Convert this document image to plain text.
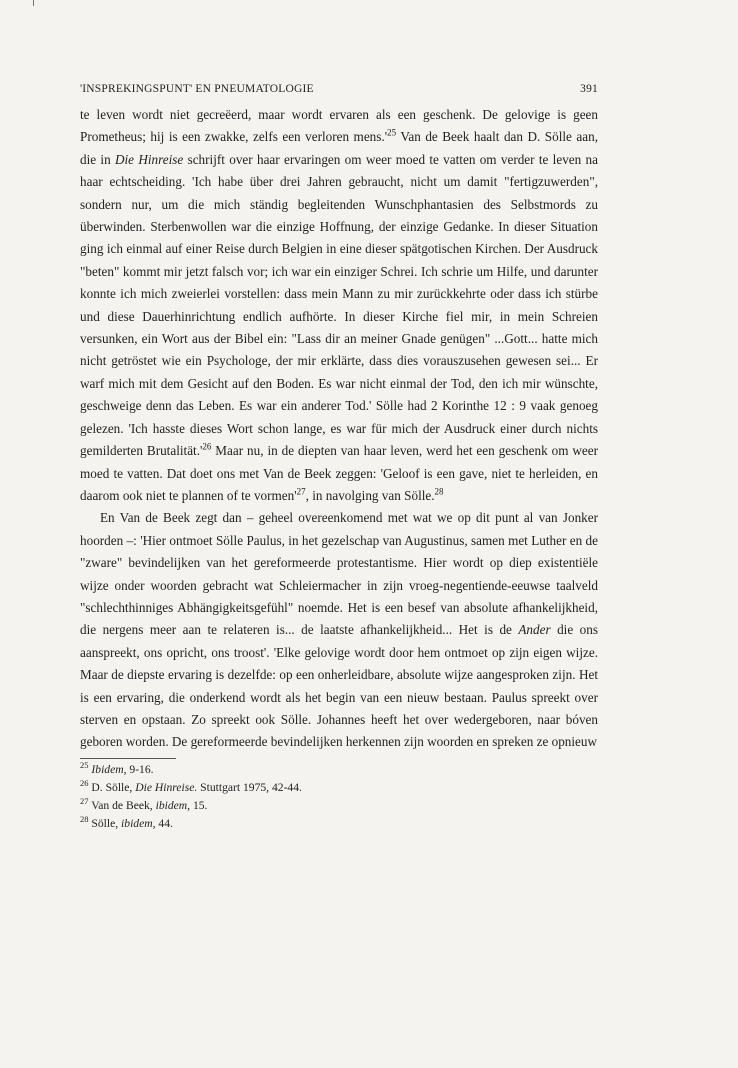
'INSPREKINGSPUNT' EN PNEUMATOLOGIE	391

te leven wordt niet gecreëerd, maar wordt ervaren als een geschenk. De gelovige is geen Prometheus; hij is een zwakke, zelfs een verloren $mens.'^{25}$ Van de Beek haalt dan D. Sölle aan, die in Die Hinreise schrijft over haar ervaringen om weer moed te vatten om verder te leven na haar echtscheiding. 'Ich habe über drei Jahren gebraucht, nicht um damit "fertigzuwerden", sondern nur, um die mich ständig begleitenden Wunschphantasien des Selbstmords zu überwinden. Sterbenwollen war die einzige Hoffnung, der einzige Gedanke. In dieser Situation ging ich einmal auf einer Reise durch Belgien in eine dieser spätgotischen Kirchen. Der Ausdruck "beten" kommt mir jetzt falsch vor; ich war ein einziger Schrei. Ich schrie um Hilfe, und darunter konnte ich mich zweierlei vorstellen: dass mein Mann zu mir zurückkehrte oder dass ich stürbe und diese Dauerhinrichtung endlich aufhörte. In dieser Kirche fiel mir, in mein Schreien versunken, ein Wort aus der Bibel ein: "Lass dir an meiner Gnade genügen" ...Gott... hatte mich nicht getröstet wie ein Psychologe, der mir erklärte, dass dies vorauszusehen gewesen sei... Er warf mich mit dem Gesicht auf den Boden. Es war nicht einmal der Tod, den ich mir wünschte, geschweige denn das Leben. Es war ein anderer Tod.' Sölle had 2 Korinthe 12 : 9 vaak genoeg gelezen. 'Ich hasste dieses Wort schon lange, es war für mich der Ausdruck einer durch nichts gemilderten $Brutalität.'^{26}$ Maar nu, in de diepten van haar leven, werd het een geschenk om weer moed te vatten. Dat doet ons met Van de Beek zeggen: 'Geloof is een gave, niet te herleiden, en daarom ook niet te plannen of te $vormen'^{27}$, in navolging van Sölle.$^{28}$

En Van de Beek zegt dan – geheel overeenkomend met wat we op dit punt al van Jonker hoorden –: 'Hier ontmoet Sölle Paulus, in het gezelschap van Augustinus, samen met Luther en de "zware" bevindelijken van het gereformeerde protestantisme. Hier wordt op diep existentiële wijze onder woorden gebracht wat Schleiermacher in zijn vroeg-negentiende-eeuwse taalveld "schlechthinniges Abhängigkeitsgefühl" noemde. Het is een besef van absolute afhankelijkheid, die nergens meer aan te relateren is... de laatste afhankelijkheid... Het is de Ander die ons aanspreekt, ons opricht, ons troost'. 'Elke gelovige wordt door hem ontmoet op zijn eigen wijze. Maar de diepste ervaring is dezelfde: op een onherleidbare, absolute wijze aangesproken zijn. Het is een ervaring, die onderkend wordt als het begin van een nieuw bestaan. Paulus spreekt over sterven en opstaan. Zo spreekt ook Sölle. Johannes heeft het over wedergeboren, naar bóven geboren worden. De gereformeerde bevindelijken herkennen zijn woorden en spreken ze opnieuw

$^{25}$ Ibidem, 9-16.
$^{26}$ D. Sölle, Die Hinreise. Stuttgart 1975, 42-44.
$^{27}$ Van de Beek, ibidem, 15.
$^{28}$ Sölle, ibidem, 44.
